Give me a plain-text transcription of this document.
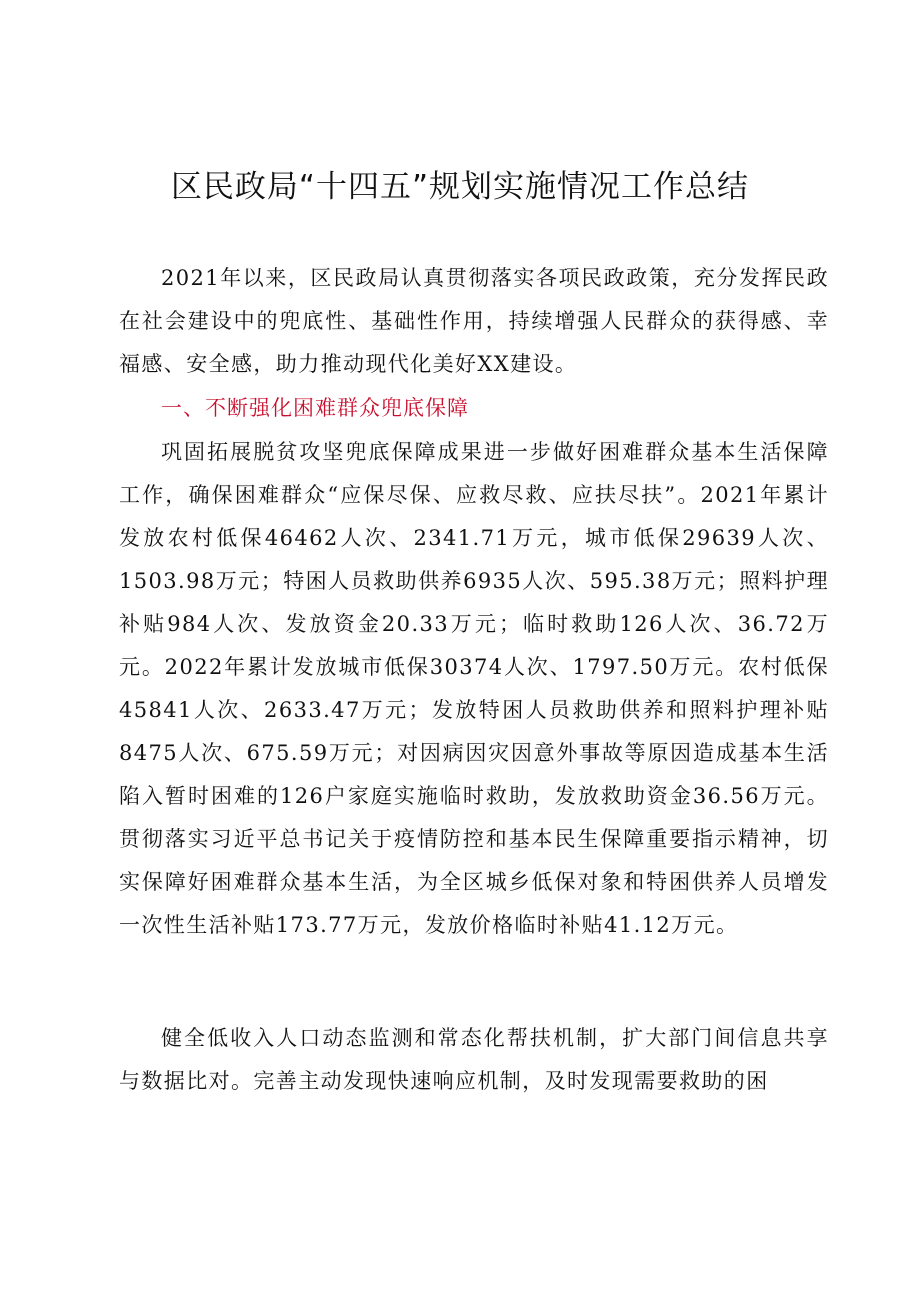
区民政局“十四五”规划实施情况工作总结

2021年以来，区民政局认真贯彻落实各项民政政策，充分发挥民政在社会建设中的兜底性、基础性作用，持续增强人民群众的获得感、幸福感、安全感，助力推动现代化美好XX建设。

一、不断强化困难群众兜底保障

巩固拓展脱贫攻坚兜底保障成果进一步做好困难群众基本生活保障工作，确保困难群众“应保尽保、应救尽救、应扶尽扶”。2021年累计发放农村低保46462人次、2341.71万元，城市低保29639人次、1503.98万元；特困人员救助供养6935人次、595.38万元；照料护理补贴984人次、发放资金20.33万元；临时救助126人次、36.72万元。2022年累计发放城市低保30374人次、1797.50万元。农村低保45841人次、2633.47万元；发放特困人员救助供养和照料护理补贴8475人次、675.59万元；对因病因灾因意外事故等原因造成基本生活陷入暂时困难的126户家庭实施临时救助，发放救助资金36.56万元。贯彻落实习近平总书记关于疫情防控和基本民生保障重要指示精神，切实保障好困难群众基本生活，为全区城乡低保对象和特困供养人员增发一次性生活补贴173.77万元，发放价格临时补贴41.12万元。

健全低收入人口动态监测和常态化帮扶机制，扩大部门间信息共享与数据比对。完善主动发现快速响应机制，及时发现需要救助的困
